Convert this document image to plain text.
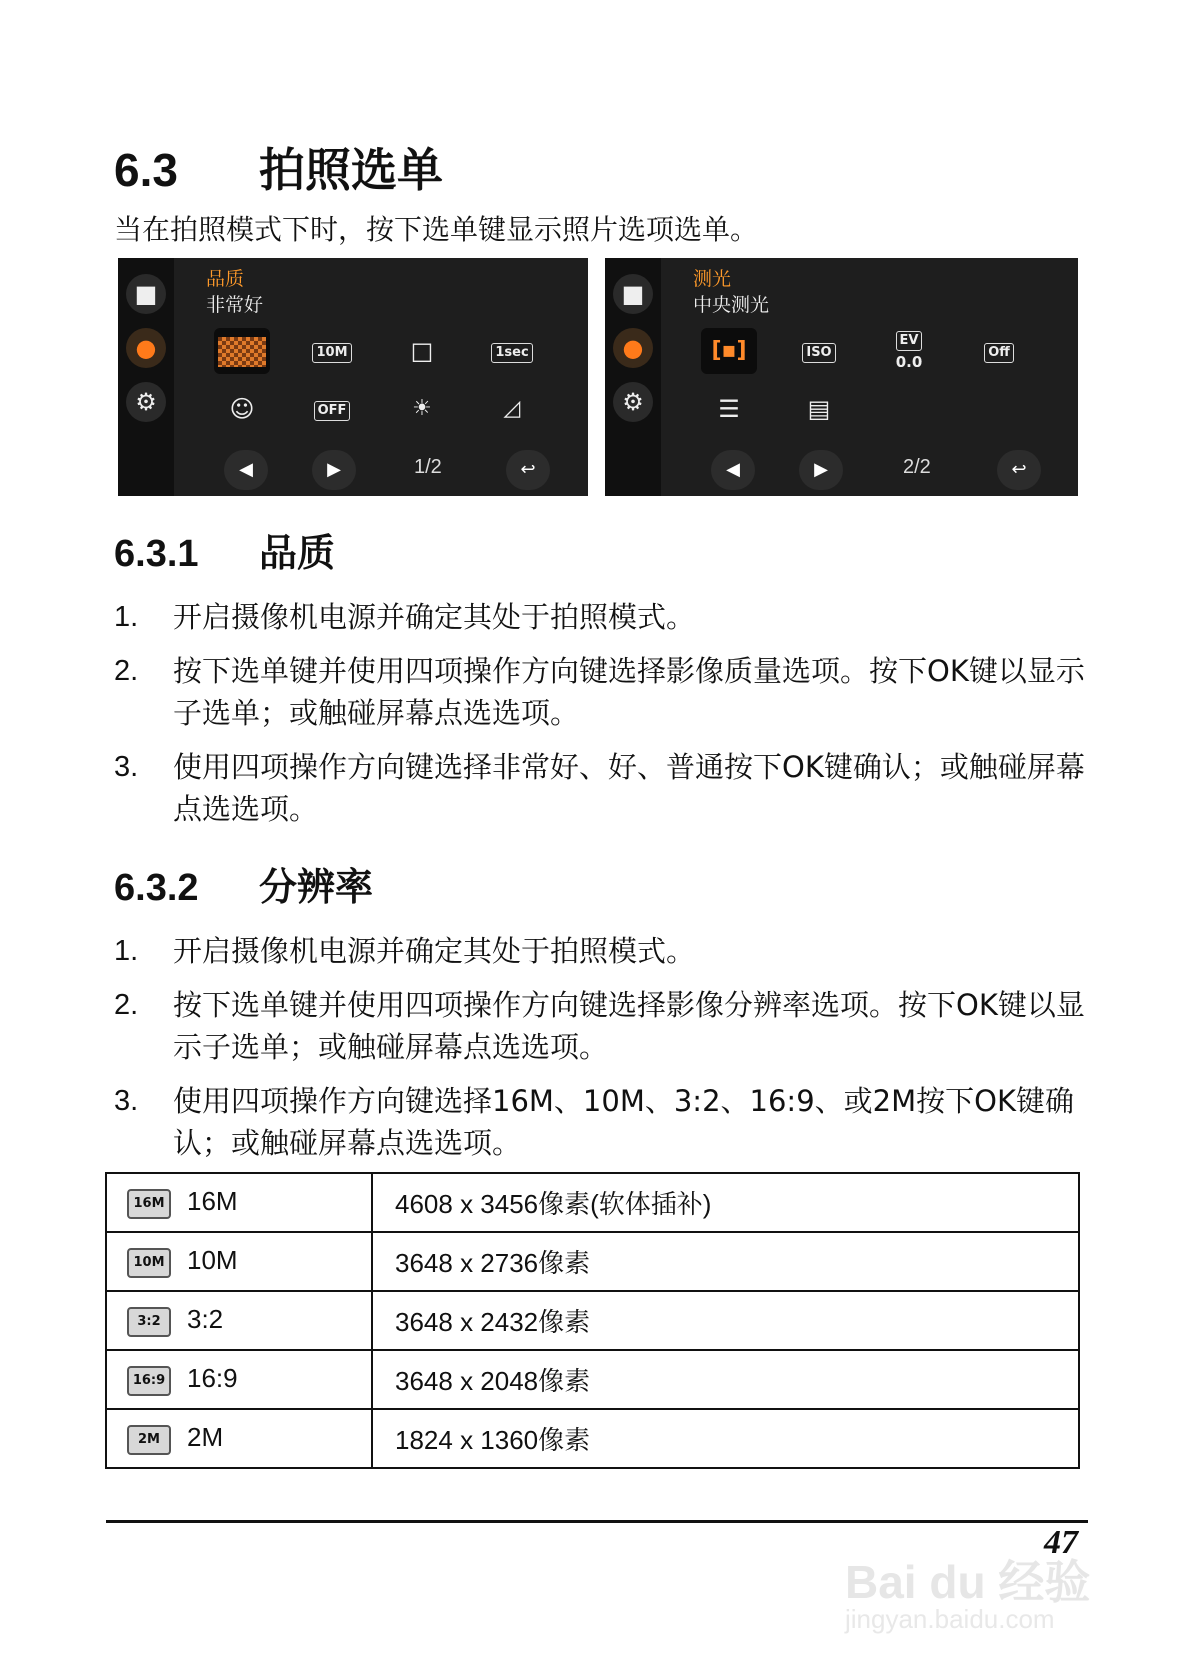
6.3 拍照选单
当在拍照模式下时，按下选单键显示照片选项选单。
■
●
⚙
品质
非常好
10M	□	1sec
☺	OFF	☀	◿
◀	▶	1/2	↩
■
●
⚙
测光
中央测光
[▪]	ISO
EV
0.0
Off
☰	▤
◀	▶	2/2	↩
6.3.1 品质
1. 开启摄像机电源并确定其处于拍照模式。
2. 按下选单键并使用四项操作方向键选择影像质量选项。按下OK键以显示子选单；或触碰屏幕点选选项。
3. 使用四项操作方向键选择非常好、好、普通按下OK键确认；或触碰屏幕点选选项。
6.3.2 分辨率
1. 开启摄像机电源并确定其处于拍照模式。
2. 按下选单键并使用四项操作方向键选择影像分辨率选项。按下OK键以显示子选单；或触碰屏幕点选选项。
3. 使用四项操作方向键选择16M、10M、3:2、16:9、或2M按下OK键确认；或触碰屏幕点选选项。
16M 16M	4608 x 3456像素(软体插补)
10M 10M	3648 x 2736像素
3:2 3:2	3648 x 2432像素
16:9 16:9	3648 x 2048像素
2M 2M	1824 x 1360像素
Bai du 经验
jingyan.baidu.com
47
